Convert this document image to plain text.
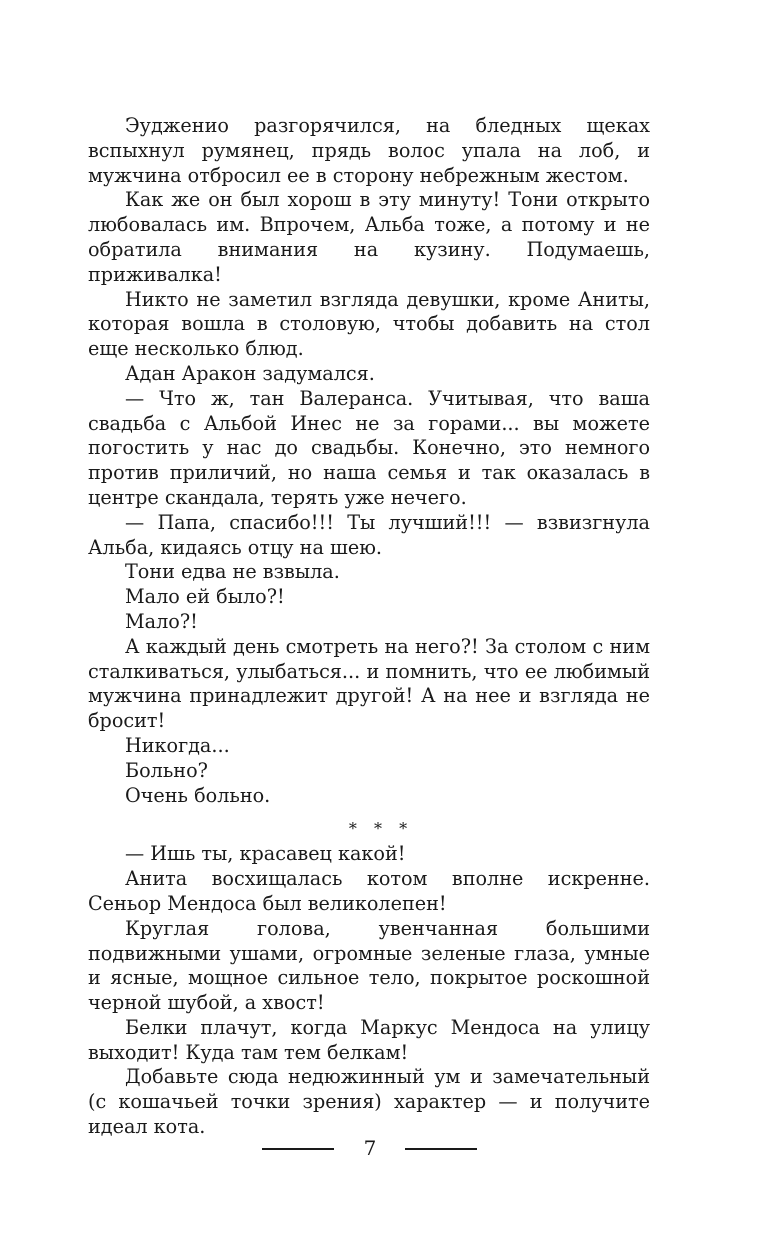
Эудженио разгорячился, на бледных щеках вспыхнул румянец, прядь волос упала на лоб, и мужчина отбросил ее в сторону небрежным жестом.

Как же он был хорош в эту минуту! Тони открыто любовалась им. Впрочем, Альба тоже, а потому и не обратила внимания на кузину. Подумаешь, приживалка!

Никто не заметил взгляда девушки, кроме Аниты, которая вошла в столовую, чтобы добавить на стол еще несколько блюд.

Адан Аракон задумался.

— Что ж, тан Валеранса. Учитывая, что ваша свадьба с Альбой Инес не за горами... вы можете погостить у нас до свадьбы. Конечно, это немного против приличий, но наша семья и так оказалась в центре скандала, терять уже нечего.

— Папа, спасибо!!! Ты лучший!!! — взвизгнула Альба, кидаясь отцу на шею.

Тони едва не взвыла.

Мало ей было?!

Мало?!

А каждый день смотреть на него?! За столом с ним сталкиваться, улыбаться... и помнить, что ее любимый мужчина принадлежит другой! А на нее и взгляда не бросит!

Никогда...

Больно?

Очень больно.

* * *

— Ишь ты, красавец какой!

Анита восхищалась котом вполне искренне. Сеньор Мендоса был великолепен!

Круглая голова, увенчанная большими подвижными ушами, огромные зеленые глаза, умные и ясные, мощное сильное тело, покрытое роскошной черной шубой, а хвост!

Белки плачут, когда Маркус Мендоса на улицу выходит! Куда там тем белкам!

Добавьте сюда недюжинный ум и замечательный (с кошачьей точки зрения) характер — и получите идеал кота.

7
